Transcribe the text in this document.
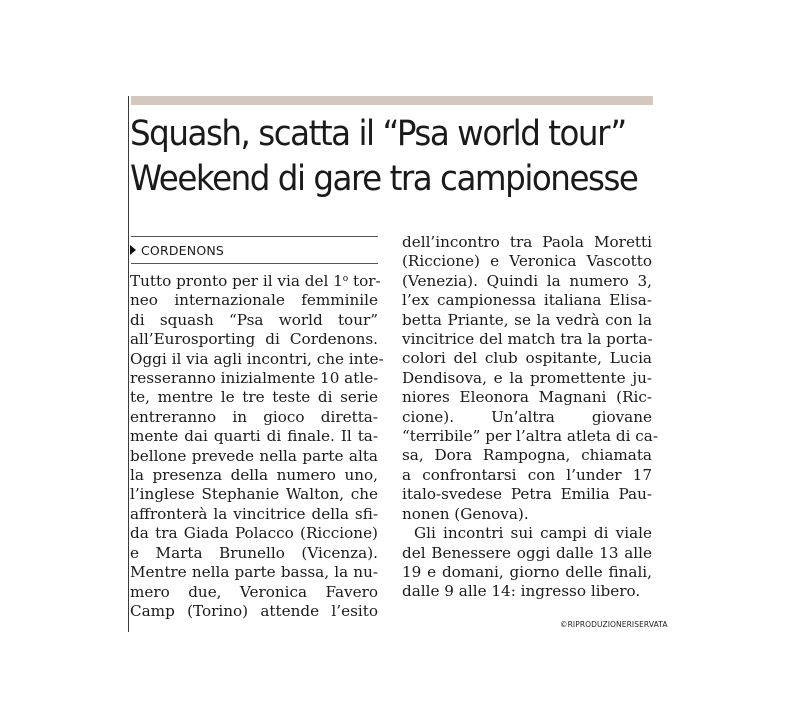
Squash, scatta il “Psa world tour”
Weekend di gare tra campionesse
CORDENONS
Tutto pronto per il via del 1$^o$ tor-
neo internazionale femminile
di squash “Psa world tour”
all’Eurosporting di Cordenons.
Oggi il via agli incontri, che inte-
resseranno inizialmente 10 atle-
te, mentre le tre teste di serie
entreranno in gioco diretta-
mente dai quarti di finale. Il ta-
bellone prevede nella parte alta
la presenza della numero uno,
l’inglese Stephanie Walton, che
affronterà la vincitrice della sfi-
da tra Giada Polacco (Riccione)
e Marta Brunello (Vicenza).
Mentre nella parte bassa, la nu-
mero due, Veronica Favero
Camp (Torino) attende l’esito
dell’incontro tra Paola Moretti
(Riccione) e Veronica Vascotto
(Venezia). Quindi la numero 3,
l’ex campionessa italiana Elisa-
betta Priante, se la vedrà con la
vincitrice del match tra la porta-
colori del club ospitante, Lucia
Dendisova, e la promettente ju-
niores Eleonora Magnani (Ric-
cione). Un’altra giovane
“terribile” per l’altra atleta di ca-
sa, Dora Rampogna, chiamata
a confrontarsi con l’under 17
italo-svedese Petra Emilia Pau-
nonen (Genova).
Gli incontri sui campi di viale
del Benessere oggi dalle 13 alle
19 e domani, giorno delle finali,
dalle 9 alle 14: ingresso libero.
©RIPRODUZIONERISERVATA
